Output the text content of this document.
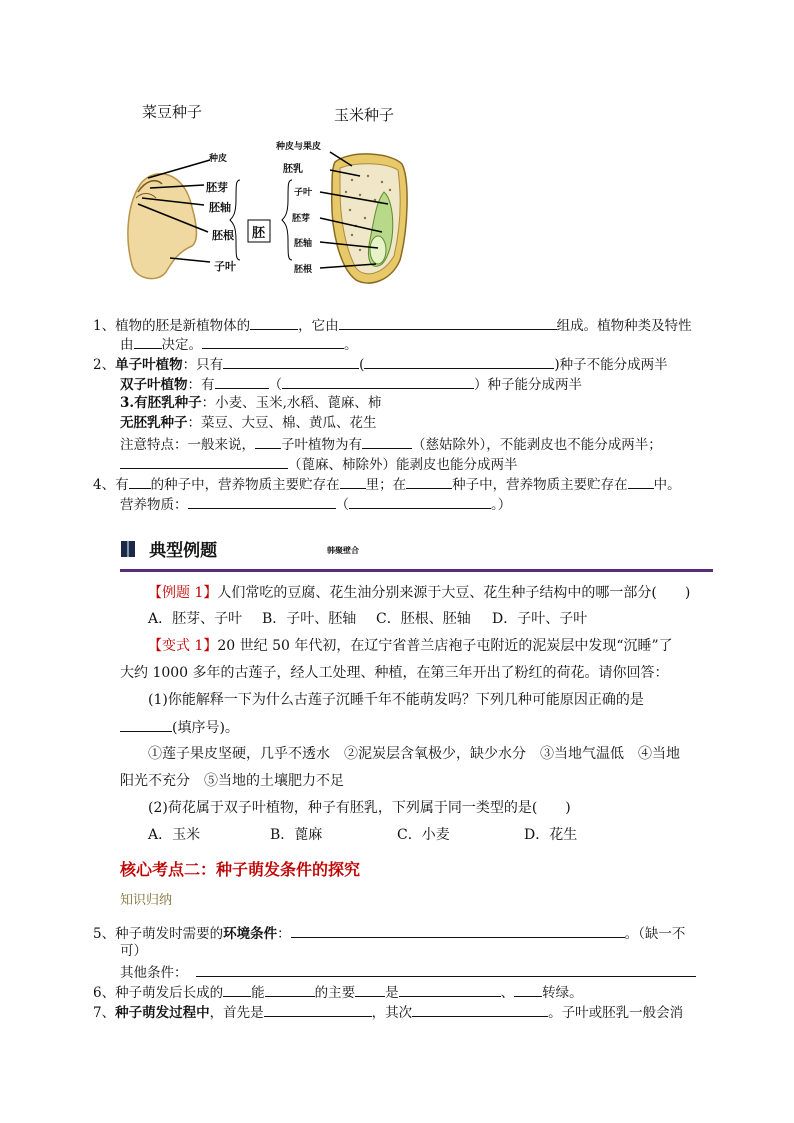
菜豆种子	玉米种子
种皮
胚芽
胚轴
胚根
子叶
胚
种皮与果皮
胚乳
子叶
胚芽
胚轴
胚根
1、植物的胚是新植物体的	，它由	组成。植物种类及特性
由 决定。	。
2、单子叶植物：只有	(	)种子不能分成两半
双子叶植物：有	（	）种子能分成两半
3.有胚乳种子：小麦、玉米,水稻、蓖麻、柿
无胚乳种子：菜豆、大豆、棉、黄瓜、花生
注意特点：一般来说， 子叶植物为有	（慈姑除外），不能剥皮也不能分成两半；
（蓖麻、柿除外）能剥皮也能分成两半
4、有 的种子中，营养物质主要贮存在 里；在	种子中，营养物质主要贮存在 中。
营养物质：	（	。）
典型例题	韩聚壁合
【例题 1】人们常吃的豆腐、花生油分别来源于大豆、花生种子结构中的哪一部分(　　)
A．胚芽、子叶 B．子叶、胚轴 C．胚根、胚轴 D．子叶、子叶
【变式 1】20 世纪 50 年代初，在辽宁省普兰店袍子屯附近的泥炭层中发现“沉睡”了
大约 1000 多年的古莲子，经人工处理、种植，在第三年开出了粉红的荷花。请你回答：
(1)你能解释一下为什么古莲子沉睡千年不能萌发吗？下列几种可能原因正确的是
(填序号)。
①莲子果皮坚硬，几乎不透水　②泥炭层含氧极少，缺少水分　③当地气温低　④当地
阳光不充分　⑤当地的土壤肥力不足
(2)荷花属于双子叶植物，种子有胚乳，下列属于同一类型的是(　　)
A．玉米	B．蓖麻	C．小麦	D．花生
核心考点二：种子萌发条件的探究
知识归纳
5、种子萌发时需要的环境条件：	。（缺一不
可）
其他条件：
6、种子萌发后长成的 能	的主要 是	、 转绿。
7、种子萌发过程中，首先是	，其次	。子叶或胚乳一般会消
